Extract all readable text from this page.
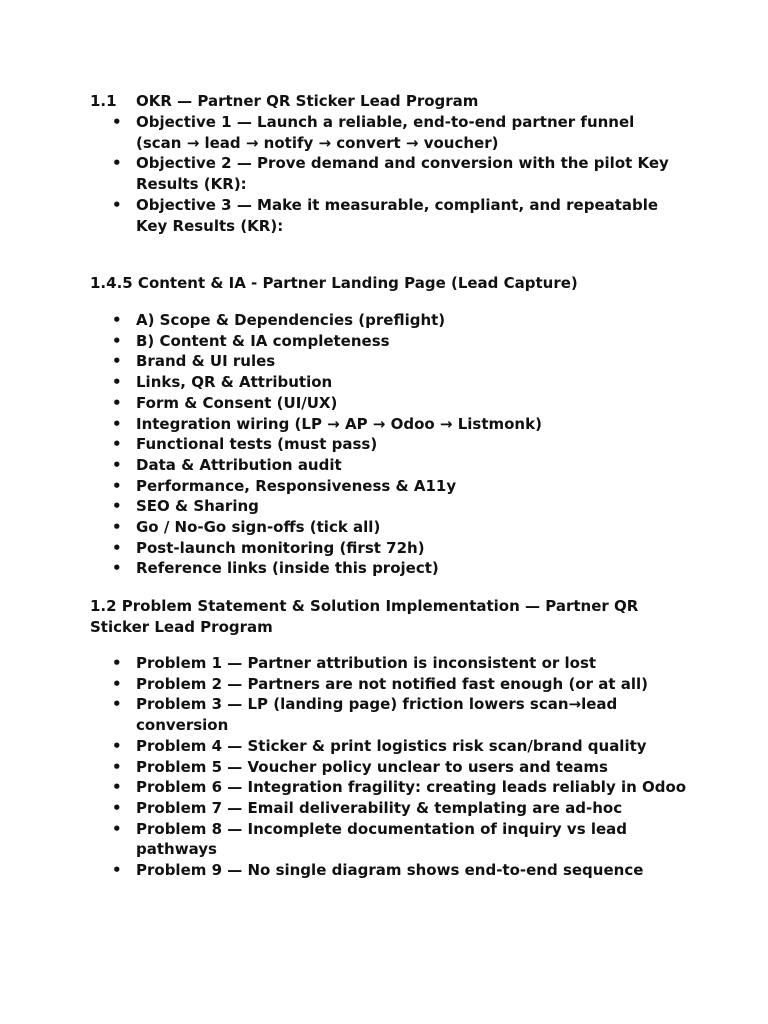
1.1 OKR — Partner QR Sticker Lead Program
• Objective 1 — Launch a reliable, end-to-end partner funnel (scan → lead → notify → convert → voucher)
• Objective 2 — Prove demand and conversion with the pilot Key Results (KR):
• Objective 3 — Make it measurable, compliant, and repeatable Key Results (KR):
1.4.5 Content & IA - Partner Landing Page (Lead Capture)
• A) Scope & Dependencies (preflight)
• B) Content & IA completeness
• Brand & UI rules
• Links, QR & Attribution
• Form & Consent (UI/UX)
• Integration wiring (LP → AP → Odoo → Listmonk)
• Functional tests (must pass)
• Data & Attribution audit
• Performance, Responsiveness & A11y
• SEO & Sharing
• Go / No-Go sign-offs (tick all)
• Post-launch monitoring (first 72h)
• Reference links (inside this project)
1.2 Problem Statement & Solution Implementation — Partner QR Sticker Lead Program
• Problem 1 — Partner attribution is inconsistent or lost
• Problem 2 — Partners are not notified fast enough (or at all)
• Problem 3 — LP (landing page) friction lowers scan→lead conversion
• Problem 4 — Sticker & print logistics risk scan/brand quality
• Problem 5 — Voucher policy unclear to users and teams
• Problem 6 — Integration fragility: creating leads reliably in Odoo
• Problem 7 — Email deliverability & templating are ad-hoc
• Problem 8 — Incomplete documentation of inquiry vs lead pathways
• Problem 9 — No single diagram shows end-to-end sequence
